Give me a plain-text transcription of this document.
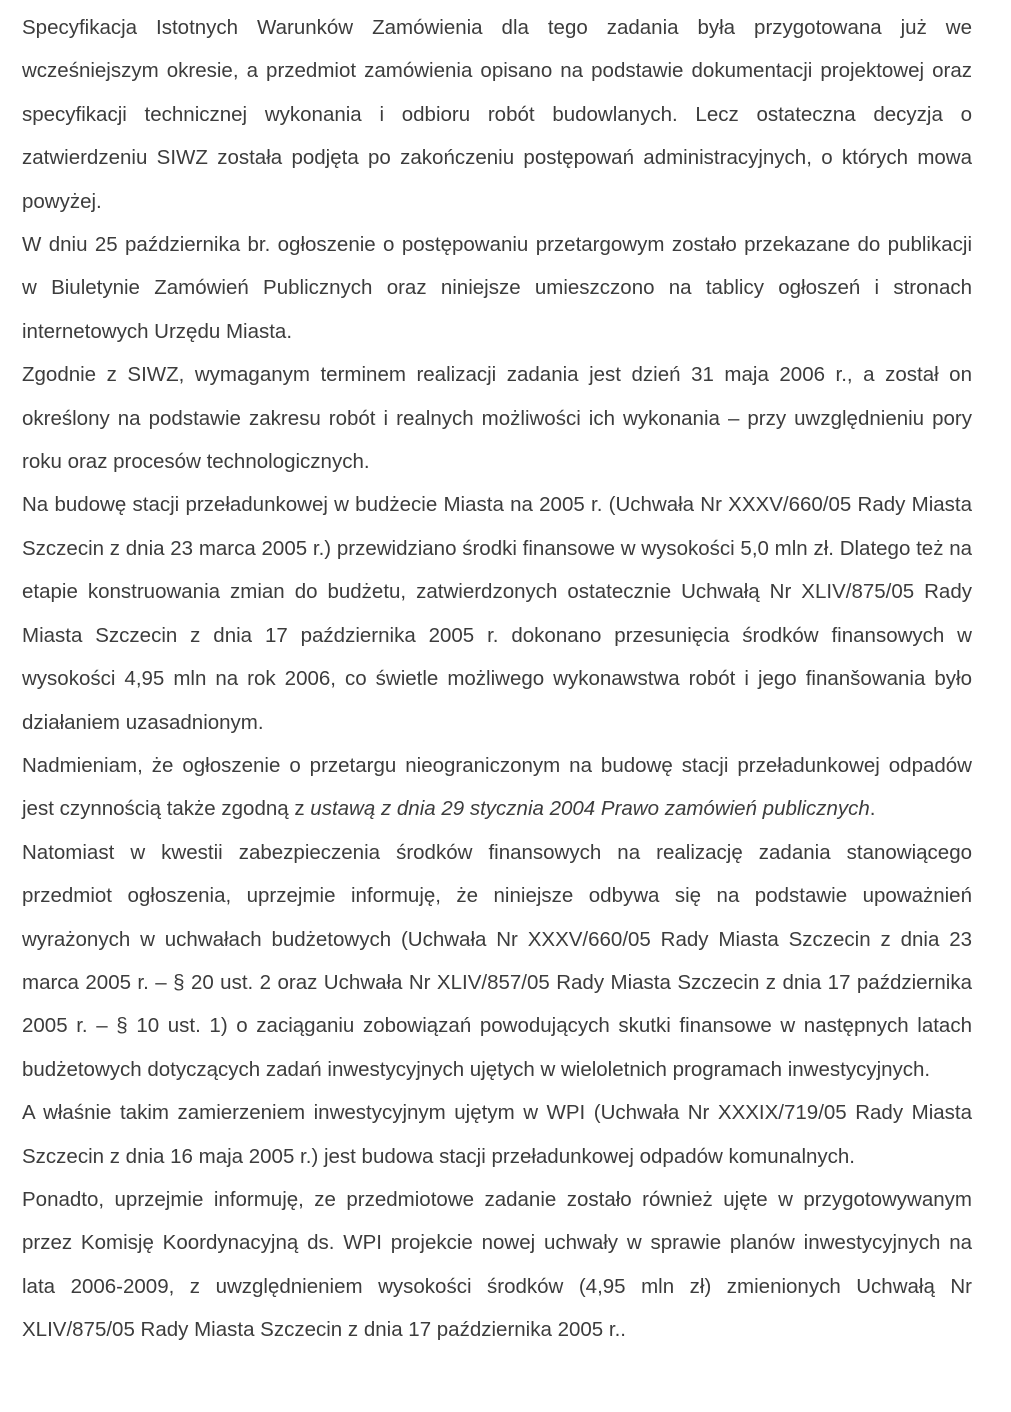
Specyfikacja Istotnych Warunków Zamówienia dla tego zadania była przygotowana już we wcześniejszym okresie, a przedmiot zamówienia opisano na podstawie dokumentacji projektowej oraz specyfikacji technicznej wykonania i odbioru robót budowlanych. Lecz ostateczna decyzja o zatwierdzeniu SIWZ została podjęta po zakończeniu postępowań administracyjnych, o których mowa powyżej.

W dniu 25 października br. ogłoszenie o postępowaniu przetargowym zostało przekazane do publikacji w Biuletynie Zamówień Publicznych oraz niniejsze umieszczono na tablicy ogłoszeń i stronach internetowych Urzędu Miasta.

Zgodnie z SIWZ, wymaganym terminem realizacji zadania jest dzień 31 maja 2006 r., a został on określony na podstawie zakresu robót i realnych możliwości ich wykonania – przy uwzględnieniu pory roku oraz procesów technologicznych.

Na budowę stacji przeładunkowej w budżecie Miasta na 2005 r. (Uchwała Nr XXXV/660/05 Rady Miasta Szczecin z dnia 23 marca 2005 r.) przewidziano środki finansowe w wysokości 5,0 mln zł. Dlatego też na etapie konstruowania zmian do budżetu, zatwierdzonych ostatecznie Uchwałą Nr XLIV/875/05 Rady Miasta Szczecin z dnia 17 października 2005 r. dokonano przesunięcia środków finansowych w wysokości 4,95 mln na rok 2006, co świetle możliwego wykonawstwa robót i jego finanšowania było działaniem uzasadnionym.

Nadmieniam, że ogłoszenie o przetargu nieograniczonym na budowę stacji przeładunkowej odpadów jest czynnością także zgodną z ustawą z dnia 29 stycznia 2004 Prawo zamówień publicznych.

Natomiast w kwestii zabezpieczenia środków finansowych na realizację zadania stanowiącego przedmiot ogłoszenia, uprzejmie informuję, że niniejsze odbywa się na podstawie upoważnień wyrażonych w uchwałach budżetowych (Uchwała Nr XXXV/660/05 Rady Miasta Szczecin z dnia 23 marca 2005 r. – § 20 ust. 2 oraz Uchwała Nr XLIV/857/05 Rady Miasta Szczecin z dnia 17 października 2005 r. – § 10 ust. 1) o zaciąganiu zobowiązań powodujących skutki finansowe w następnych latach budżetowych dotyczących zadań inwestycyjnych ujętych w wieloletnich programach inwestycyjnych.

A właśnie takim zamierzeniem inwestycyjnym ujętym w WPI (Uchwała Nr XXXIX/719/05 Rady Miasta Szczecin z dnia 16 maja 2005 r.) jest budowa stacji przeładunkowej odpadów komunalnych.

Ponadto, uprzejmie informuję, ze przedmiotowe zadanie zostało również ujęte w przygotowywanym przez Komisję Koordynacyjną ds. WPI projekcie nowej uchwały w sprawie planów inwestycyjnych na lata 2006-2009, z uwzględnieniem wysokości środków (4,95 mln zł) zmienionych Uchwałą Nr XLIV/875/05 Rady Miasta Szczecin z dnia 17 października 2005 r..
